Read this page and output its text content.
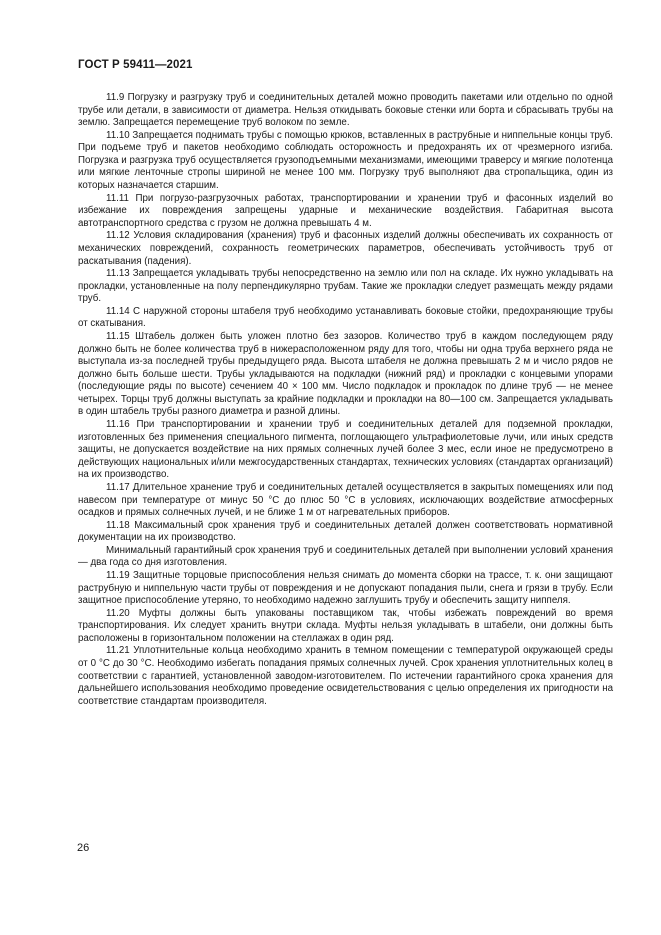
ГОСТ Р 59411—2021

11.9 Погрузку и разгрузку труб и соединительных деталей можно проводить пакетами или отдельно по одной трубе или детали, в зависимости от диаметра. Нельзя откидывать боковые стенки или борта и сбрасывать трубы на землю. Запрещается перемещение труб волоком по земле.

11.10 Запрещается поднимать трубы с помощью крюков, вставленных в раструбные и ниппельные концы труб. При подъеме труб и пакетов необходимо соблюдать осторожность и предохранять их от чрезмерного изгиба. Погрузка и разгрузка труб осуществляется грузоподъемными механизмами, имеющими траверсу и мягкие полотенца или мягкие ленточные стропы шириной не менее 100 мм. Погрузку труб выполняют два стропальщика, один из которых назначается старшим.

11.11 При погрузо-разгрузочных работах, транспортировании и хранении труб и фасонных изделий во избежание их повреждения запрещены ударные и механические воздействия. Габаритная высота автотранспортного средства с грузом не должна превышать 4 м.

11.12 Условия складирования (хранения) труб и фасонных изделий должны обеспечивать их сохранность от механических повреждений, сохранность геометрических параметров, обеспечивать устойчивость труб от раскатывания (падения).

11.13 Запрещается укладывать трубы непосредственно на землю или пол на складе. Их нужно укладывать на прокладки, установленные на полу перпендикулярно трубам. Такие же прокладки следует размещать между рядами труб.

11.14 С наружной стороны штабеля труб необходимо устанавливать боковые стойки, предохраняющие трубы от скатывания.

11.15 Штабель должен быть уложен плотно без зазоров. Количество труб в каждом последующем ряду должно быть не более количества труб в нижерасположенном ряду для того, чтобы ни одна труба верхнего ряда не выступала из-за последней трубы предыдущего ряда. Высота штабеля не должна превышать 2 м и число рядов не должно быть больше шести. Трубы укладываются на подкладки (нижний ряд) и прокладки с концевыми упорами (последующие ряды по высоте) сечением 40 × 100 мм. Число подкладок и прокладок по длине труб — не менее четырех. Торцы труб должны выступать за крайние подкладки и прокладки на 80—100 см. Запрещается укладывать в один штабель трубы разного диаметра и разной длины.

11.16 При транспортировании и хранении труб и соединительных деталей для подземной прокладки, изготовленных без применения специального пигмента, поглощающего ультрафиолетовые лучи, или иных средств защиты, не допускается воздействие на них прямых солнечных лучей более 3 мес, если иное не предусмотрено в действующих национальных и/или межгосударственных стандартах, технических условиях (стандартах организаций) на их производство.

11.17 Длительное хранение труб и соединительных деталей осуществляется в закрытых помещениях или под навесом при температуре от минус 50 °С до плюс 50 °С в условиях, исключающих воздействие атмосферных осадков и прямых солнечных лучей, и не ближе 1 м от нагревательных приборов.

11.18 Максимальный срок хранения труб и соединительных деталей должен соответствовать нормативной документации на их производство.

Минимальный гарантийный срок хранения труб и соединительных деталей при выполнении условий хранения — два года со дня изготовления.

11.19 Защитные торцовые приспособления нельзя снимать до момента сборки на трассе, т. к. они защищают раструбную и ниппельную части трубы от повреждения и не допускают попадания пыли, снега и грязи в трубу. Если защитное приспособление утеряно, то необходимо надежно заглушить трубу и обеспечить защиту ниппеля.

11.20 Муфты должны быть упакованы поставщиком так, чтобы избежать повреждений во время транспортирования. Их следует хранить внутри склада. Муфты нельзя укладывать в штабели, они должны быть расположены в горизонтальном положении на стеллажах в один ряд.

11.21 Уплотнительные кольца необходимо хранить в темном помещении с температурой окружающей среды от 0 °С до 30 °С. Необходимо избегать попадания прямых солнечных лучей. Срок хранения уплотнительных колец в соответствии с гарантией, установленной заводом-изготовителем. По истечении гарантийного срока хранения для дальнейшего использования необходимо проведение освидетельствования с целью определения их пригодности на соответствие стандартам производителя.

26
